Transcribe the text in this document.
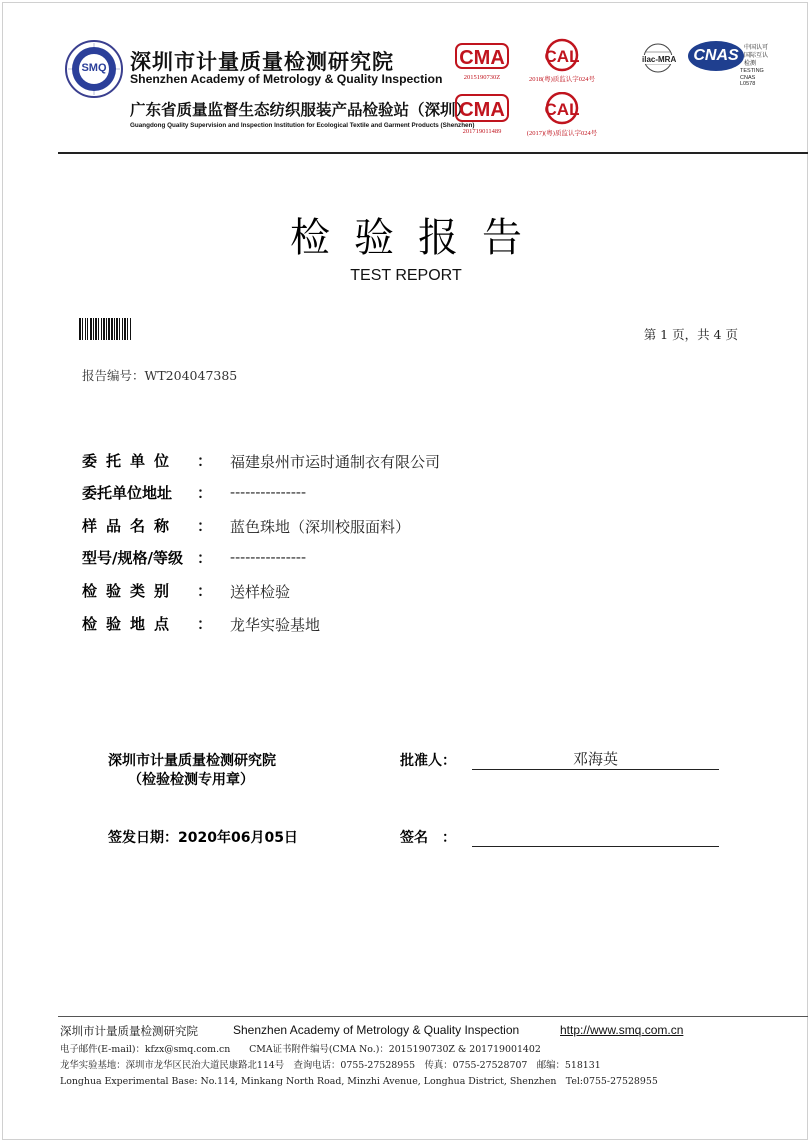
SMQ	深圳市计量质量检测研究院
Shenzhen Academy of Metrology & Quality Inspection
广东省质量监督生态纺织服装产品检验站（深圳）
Guangdong Quality Supervision and Inspection Institution for Ecological Textile and Garment Products (Shenzhen)
CMA
2015190730Z
CAL
2018(粤)质监认字024号
CMA
201719011489
CAL
(2017)(粤)质监认字024号
ilac-MRA CNAS 中国认可
国际互认
检测
TESTING
CNAS L0578
检验报告
TEST REPORT
第 1 页，共 4 页
报告编号：WT204047385
委托单位 ： 福建泉州市运时通制衣有限公司
委托单位地址 ： ---------------
样品名称 ： 蓝色珠地（深圳校服面料）
型号/规格/等级 ： ---------------
检验类别 ： 送样检验
检验地点 ： 龙华实验基地
深圳市计量质量检测研究院
（检验检测专用章）
批准人：	邓海英
签发日期：2020年06月05日	签名　：
深圳市计量质量检测研究院	Shenzhen Academy of Metrology & Quality Inspection	http://www.smq.com.cn
电子邮件(E-mail)：kfzx@smq.com.cn　　CMA证书附件编号(CMA No.)：2015190730Z & 201719001402
龙华实验基地：深圳市龙华区民治大道民康路北114号　查询电话：0755-27528955　传真：0755-27528707　邮编：518131
Longhua Experimental Base: No.114, Minkang North Road, Minzhi Avenue, Longhua District, Shenzhen　Tel:0755-27528955
